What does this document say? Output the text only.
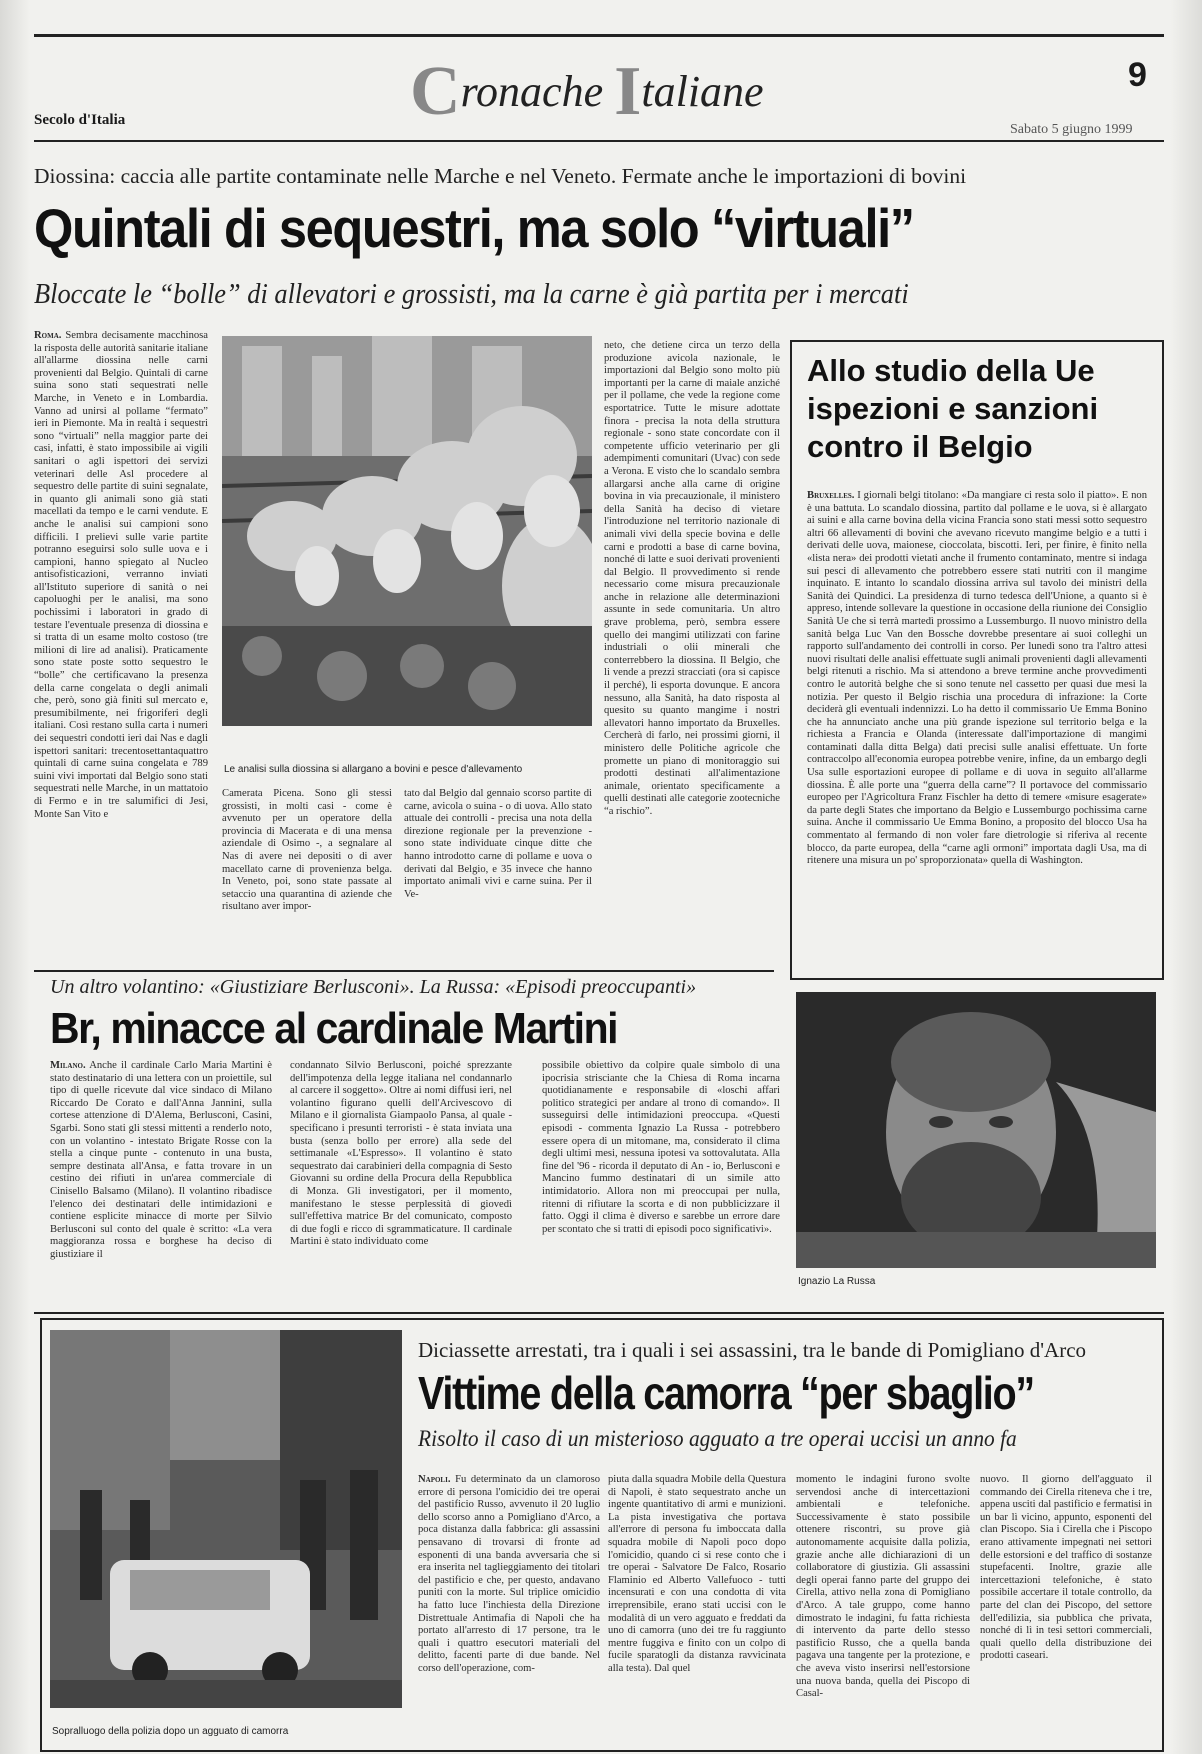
Cronache Italiane	9
Secolo d'Italia
Sabato 5 giugno 1999
Diossina: caccia alle partite contaminate nelle Marche e nel Veneto. Fermate anche le importazioni di bovini
Quintali di sequestri, ma solo “virtuali”
Bloccate le “bolle” di allevatori e grossisti, ma la carne è già partita per i mercati

Roma. Sembra decisamente macchinosa la risposta delle autorità sanitarie italiane all'allarme diossina nelle carni provenienti dal Belgio. Quintali di carne suina sono stati sequestrati nelle Marche, in Veneto e in Lombardia. Vanno ad unirsi al pollame “fermato” ieri in Piemonte. Ma in realtà i sequestri sono “virtuali” nella maggior parte dei casi, infatti, è stato impossibile ai vigili sanitari o agli ispettori dei servizi veterinari delle Asl procedere al sequestro delle partite di suini segnalate, in quanto gli animali sono già stati macellati da tempo e le carni vendute. E anche le analisi sui campioni sono difficili. I prelievi sulle varie partite potranno eseguirsi solo sulle uova e i campioni, hanno spiegato al Nucleo antisofisticazioni, verranno inviati all'Istituto superiore di sanità o nei capoluoghi per le analisi, ma sono pochissimi i laboratori in grado di testare l'eventuale presenza di diossina e si tratta di un esame molto costoso (tre milioni di lire ad analisi). Praticamente sono state poste sotto sequestro le “bolle” che certificavano la presenza della carne congelata o degli animali che, però, sono già finiti sul mercato e, presumibilmente, nei frigoriferi degli italiani. Così restano sulla carta i numeri dei sequestri condotti ieri dai Nas e dagli ispettori sanitari: trecentosettantaquattro quintali di carne suina congelata e 789 suini vivi importati dal Belgio sono stati sequestrati nelle Marche, in un mattatoio di Fermo e in tre salumifici di Jesi, Monte San Vito e

Le analisi sulla diossina si allargano a bovini e pesce d'allevamento

Camerata Picena. Sono gli stessi grossisti, in molti casi - come è avvenuto per un operatore della provincia di Macerata e di una mensa aziendale di Osimo -, a segnalare al Nas di avere nei depositi o di aver macellato carne di provenienza belga. In Veneto, poi, sono state passate al setaccio una quarantina di aziende che risultano aver impor-

tato dal Belgio dal gennaio scorso partite di carne, avicola o suina - o di uova. Allo stato attuale dei controlli - precisa una nota della direzione regionale per la prevenzione - sono state individuate cinque ditte che hanno introdotto carne di pollame e uova o derivati dal Belgio, e 35 invece che hanno importato animali vivi e carne suina. Per il Ve-

neto, che detiene circa un terzo della produzione avicola nazionale, le importazioni dal Belgio sono molto più importanti per la carne di maiale anziché per il pollame, che vede la regione come esportatrice. Tutte le misure adottate finora - precisa la nota della struttura regionale - sono state concordate con il competente ufficio veterinario per gli adempimenti comunitari (Uvac) con sede a Verona. E visto che lo scandalo sembra allargarsi anche alla carne di origine bovina in via precauzionale, il ministero della Sanità ha deciso di vietare l'introduzione nel territorio nazionale di animali vivi della specie bovina e delle carni e prodotti a base di carne bovina, nonché di latte e suoi derivati provenienti dal Belgio. Il provvedimento si rende necessario come misura precauzionale anche in relazione alle determinazioni assunte in sede comunitaria. Un altro grave problema, però, sembra essere quello dei mangimi utilizzati con farine industriali o olii minerali che conterrebbero la diossina. Il Belgio, che li vende a prezzi stracciati (ora si capisce il perché), li esporta dovunque. E ancora nessuno, alla Sanità, ha dato risposta al quesito su quanto mangime i nostri allevatori hanno importato da Bruxelles. Cercherà di farlo, nei prossimi giorni, il ministero delle Politiche agricole che promette un piano di monitoraggio sui prodotti destinati all'alimentazione animale, orientato specificamente a quelli destinati alle categorie zootecniche “a rischio”.

Allo studio della Ue ispezioni e sanzioni contro il Belgio

Bruxelles. I giornali belgi titolano: «Da mangiare ci resta solo il piatto». E non è una battuta. Lo scandalo diossina, partito dal pollame e le uova, si è allargato ai suini e alla carne bovina della vicina Francia sono stati messi sotto sequestro altri 66 allevamenti di bovini che avevano ricevuto mangime belgio e a tutti i derivati delle uova, maionese, cioccolata, biscotti. Ieri, per finire, è finito nella «lista nera» dei prodotti vietati anche il frumento contaminato, mentre si indaga sui pesci di allevamento che potrebbero essere stati nutriti con il mangime inquinato. E intanto lo scandalo diossina arriva sul tavolo dei ministri della Sanità dei Quindici. La presidenza di turno tedesca dell'Unione, a quanto si è appreso, intende sollevare la questione in occasione della riunione dei Consiglio Sanità Ue che si terrà martedì prossimo a Lussemburgo. Il nuovo ministro della sanità belga Luc Van den Bossche dovrebbe presentare ai suoi colleghi un rapporto sull'andamento dei controlli in corso. Per lunedì sono tra l'altro attesi nuovi risultati delle analisi effettuate sugli animali provenienti dagli allevamenti belgi ritenuti a rischio. Ma si attendono a breve termine anche provvedimenti contro le autorità belghe che si sono tenute nel cassetto per quasi due mesi la notizia. Per questo il Belgio rischia una procedura di infrazione: la Corte deciderà gli eventuali indennizzi. Lo ha detto il commissario Ue Emma Bonino che ha annunciato anche una più grande ispezione sul territorio belga e la richiesta a Francia e Olanda (interessate dall'importazione di mangimi contaminati dalla ditta Belga) dati precisi sulle analisi effettuate. Un forte contraccolpo all'economia europea potrebbe venire, infine, da un embargo degli Usa sulle esportazioni europee di pollame e di uova in seguito all'allarme diossina. È alle porte una “guerra della carne”? Il portavoce del commissario europeo per l'Agricoltura Franz Fischler ha detto di temere «misure esagerate» da parte degli States che importano da Belgio e Lussemburgo pochissima carne suina. Anche il commissario Ue Emma Bonino, a proposito del blocco Usa ha commentato al fermando di non voler fare dietrologie si riferiva al recente blocco, da parte europea, della “carne agli ormoni” importata dagli Usa, ma di ritenere una misura un po' sproporzionata» quella di Washington.

Un altro volantino: «Giustiziare Berlusconi». La Russa: «Episodi preoccupanti»
Br, minacce al cardinale Martini

Milano. Anche il cardinale Carlo Maria Martini è stato destinatario di una lettera con un proiettile, sul tipo di quelle ricevute dal vice sindaco di Milano Riccardo De Corato e dall'Anna Jannini, sulla cortese attenzione di D'Alema, Berlusconi, Casini, Sgarbi. Sono stati gli stessi mittenti a renderlo noto, con un volantino - intestato Brigate Rosse con la stella a cinque punte - contenuto in una busta, sempre destinata all'Ansa, e fatta trovare in un cestino dei rifiuti in un'area commerciale di Cinisello Balsamo (Milano). Il volantino ribadisce l'elenco dei destinatari delle intimidazioni e contiene esplicite minacce di morte per Silvio Berlusconi sul conto del quale è scritto: «La vera maggioranza rossa e borghese ha deciso di giustiziare il

condannato Silvio Berlusconi, poiché sprezzante dell'impotenza della legge italiana nel condannarlo al carcere il soggetto». Oltre ai nomi diffusi ieri, nel volantino figurano quelli dell'Arcivescovo di Milano e il giornalista Giampaolo Pansa, al quale - specificano i presunti terroristi - è stata inviata una busta (senza bollo per errore) alla sede del settimanale «L'Espresso». Il volantino è stato sequestrato dai carabinieri della compagnia di Sesto Giovanni su ordine della Procura della Repubblica di Monza. Gli investigatori, per il momento, manifestano le stesse perplessità di giovedì sull'effettiva matrice Br del comunicato, composto di due fogli e ricco di sgrammaticature. Il cardinale Martini è stato individuato come

possibile obiettivo da colpire quale simbolo di una ipocrisia strisciante che la Chiesa di Roma incarna quotidianamente e responsabile di «loschi affari politico strategici per andare al trono di comando». Il susseguirsi delle intimidazioni preoccupa. «Questi episodi - commenta Ignazio La Russa - potrebbero essere opera di un mitomane, ma, considerato il clima degli ultimi mesi, nessuna ipotesi va sottovalutata. Alla fine del '96 - ricorda il deputato di An - io, Berlusconi e Mancino fummo destinatari di un simile atto intimidatorio. Allora non mi preoccupai per nulla, ritenni di rifiutare la scorta e di non pubblicizzare il fatto. Oggi il clima è diverso e sarebbe un errore dare per scontato che si tratti di episodi poco significativi».

Ignazio La Russa
Sopralluogo della polizia dopo un agguato di camorra
Diciassette arrestati, tra i quali i sei assassini, tra le bande di Pomigliano d'Arco
Vittime della camorra “per sbaglio”
Risolto il caso di un misterioso agguato a tre operai uccisi un anno fa

Napoli. Fu determinato da un clamoroso errore di persona l'omicidio dei tre operai del pastificio Russo, avvenuto il 20 luglio dello scorso anno a Pomigliano d'Arco, a poca distanza dalla fabbrica: gli assassini pensavano di trovarsi di fronte ad esponenti di una banda avversaria che si era inserita nel taglieggiamento dei titolari del pastificio e che, per questo, andavano puniti con la morte. Sul triplice omicidio ha fatto luce l'inchiesta della Direzione Distrettuale Antimafia di Napoli che ha portato all'arresto di 17 persone, tra le quali i quattro esecutori materiali del delitto, facenti parte di due bande. Nel corso dell'operazione, com-

piuta dalla squadra Mobile della Questura di Napoli, è stato sequestrato anche un ingente quantitativo di armi e munizioni. La pista investigativa che portava all'errore di persona fu imboccata dalla squadra mobile di Napoli poco dopo l'omicidio, quando ci si rese conto che i tre operai - Salvatore De Falco, Rosario Flaminio ed Alberto Vallefuoco - tutti incensurati e con una condotta di vita irreprensibile, erano stati uccisi con le modalità di un vero agguato e freddati da uno di camorra (uno dei tre fu raggiunto mentre fuggiva e finito con un colpo di fucile sparatogli da distanza ravvicinata alla testa). Dal quel

momento le indagini furono svolte servendosi anche di intercettazioni ambientali e telefoniche. Successivamente è stato possibile ottenere riscontri, su prove già autonomamente acquisite dalla polizia, grazie anche alle dichiarazioni di un collaboratore di giustizia. Gli assassini degli operai fanno parte del gruppo dei Cirella, attivo nella zona di Pomigliano d'Arco. A tale gruppo, come hanno dimostrato le indagini, fu fatta richiesta di intervento da parte dello stesso pastificio Russo, che a quella banda pagava una tangente per la protezione, e che aveva visto inserirsi nell'estorsione una nuova banda, quella dei Piscopo di Casal-

nuovo. Il giorno dell'agguato il commando dei Cirella riteneva che i tre, appena usciti dal pastificio e fermatisi in un bar lì vicino, appunto, esponenti del clan Piscopo. Sia i Cirella che i Piscopo erano attivamente impegnati nei settori delle estorsioni e del traffico di sostanze stupefacenti. Inoltre, grazie alle intercettazioni telefoniche, è stato possibile accertare il totale controllo, da parte del clan dei Piscopo, del settore dell'edilizia, sia pubblica che privata, nonché di lì in tesi settori commerciali, quali quello della distribuzione dei prodotti caseari.
